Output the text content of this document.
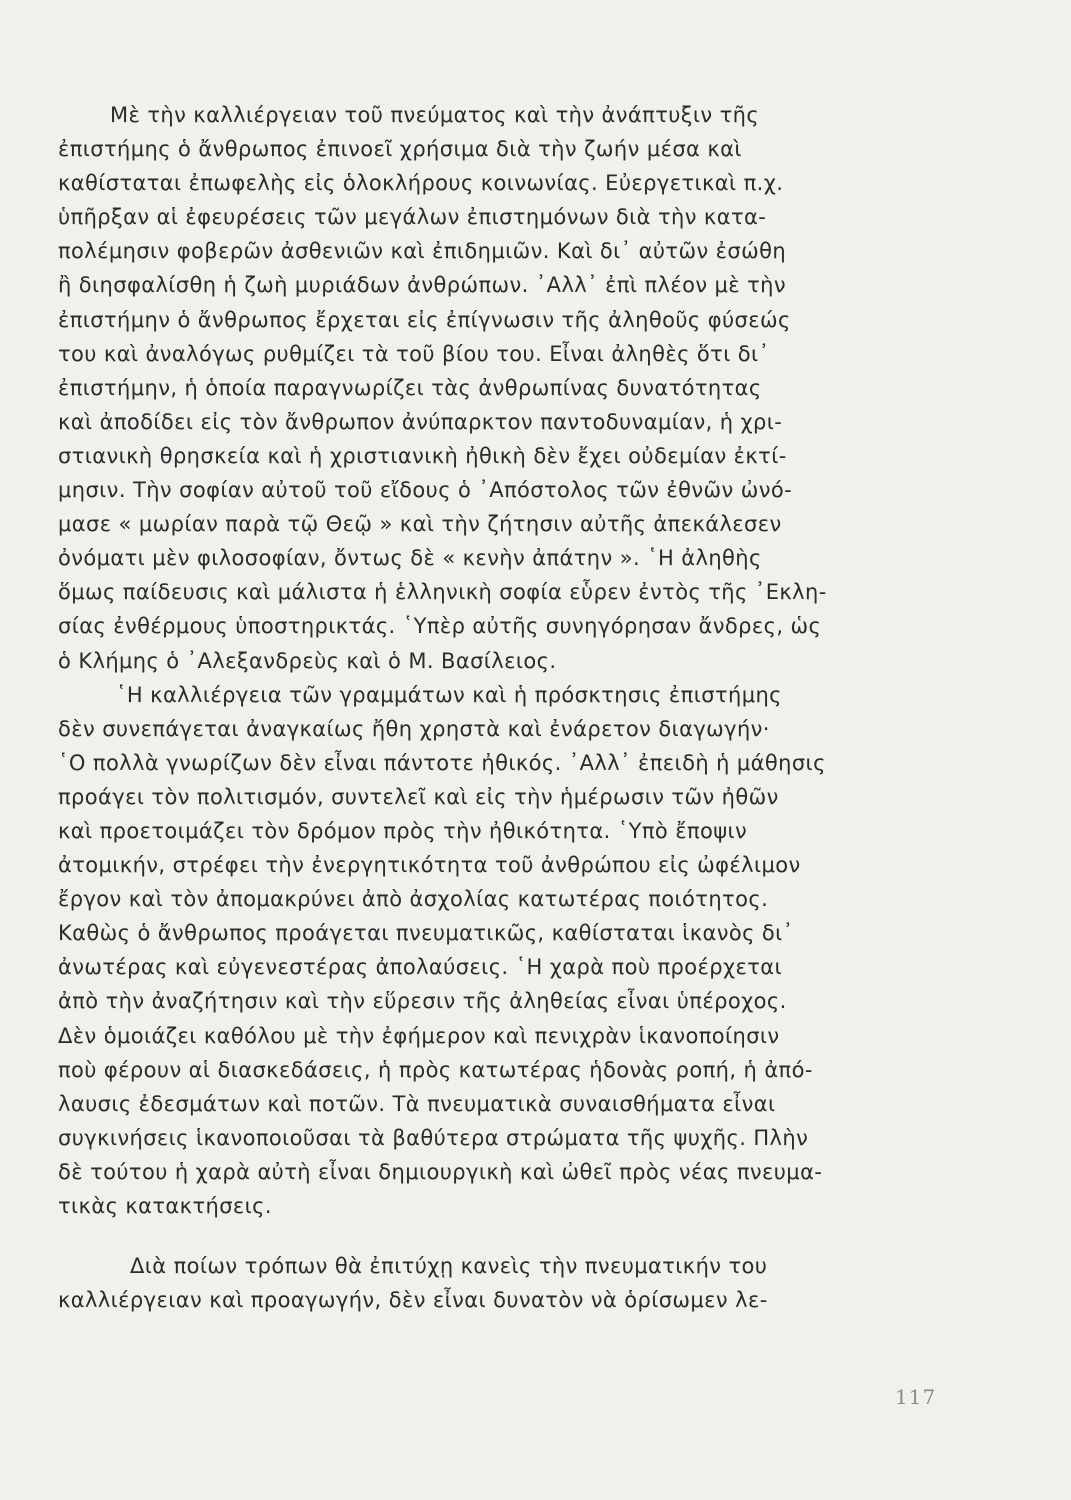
Μὲ τὴν καλλιέργειαν τοῦ πνεύματος καὶ τὴν ἀνάπτυξιν τῆς
ἐπιστήμης ὁ ἄνθρωπος ἐπινοεῖ χρήσιμα διὰ τὴν ζωήν μέσα καὶ
καθίσταται ἐπωφελὴς εἰς ὁλοκλήρους κοινωνίας. Εὐεργετικαὶ π.χ.
ὑπῆρξαν αἱ ἐφευρέσεις τῶν μεγάλων ἐπιστημόνων διὰ τὴν κατα-
πολέμησιν φοβερῶν ἀσθενιῶν καὶ ἐπιδημιῶν. Καὶ δι᾽ αὐτῶν ἐσώθη
ἢ διησφαλίσθη ἡ ζωὴ μυριάδων ἀνθρώπων. ᾿Αλλ᾽ ἐπὶ πλέον μὲ τὴν
ἐπιστήμην ὁ ἄνθρωπος ἔρχεται εἰς ἐπίγνωσιν τῆς ἀληθοῦς φύσεώς
του καὶ ἀναλόγως ρυθμίζει τὰ τοῦ βίου του. Εἶναι ἀληθὲς ὅτι δι᾽
ἐπιστήμην, ἡ ὁποία παραγνωρίζει τὰς ἀνθρωπίνας δυνατότητας
καὶ ἀποδίδει εἰς τὸν ἄνθρωπον ἀνύπαρκτον παντοδυναμίαν, ἡ χρι-
στιανικὴ θρησκεία καὶ ἡ χριστιανικὴ ἠθικὴ δὲν ἔχει οὐδεμίαν ἐκτί-
μησιν. Τὴν σοφίαν αὐτοῦ τοῦ εἴδους ὁ ᾿Απόστολος τῶν ἐθνῶν ὠνό-
μασε « μωρίαν παρὰ τῷ Θεῷ » καὶ τὴν ζήτησιν αὐτῆς ἀπεκάλεσεν
ὀνόματι μὲν φιλοσοφίαν, ὄντως δὲ « κενὴν ἀπάτην ». ῾Η ἀληθὴς
ὅμως παίδευσις καὶ μάλιστα ἡ ἑλληνικὴ σοφία εὗρεν ἐντὸς τῆς ᾿Εκλη-
σίας ἐνθέρμους ὑποστηρικτάς. ῾Υπὲρ αὐτῆς συνηγόρησαν ἄνδρες, ὡς
ὁ Κλήμης ὁ ᾿Αλεξανδρεὺς καὶ ὁ Μ. Βασίλειος.
῾Η καλλιέργεια τῶν γραμμάτων καὶ ἡ πρόσκτησις ἐπιστήμης
δὲν συνεπάγεται ἀναγκαίως ἤθη χρηστὰ καὶ ἐνάρετον διαγωγήν·
῾Ο πολλὰ γνωρίζων δὲν εἶναι πάντοτε ἠθικός. ᾿Αλλ᾽ ἐπειδὴ ἡ μάθησις
προάγει τὸν πολιτισμόν, συντελεῖ καὶ εἰς τὴν ἡμέρωσιν τῶν ἠθῶν
καὶ προετοιμάζει τὸν δρόμον πρὸς τὴν ἠθικότητα. ῾Υπὸ ἔποψιν
ἀτομικήν, στρέφει τὴν ἐνεργητικότητα τοῦ ἀνθρώπου εἰς ὠφέλιμον
ἔργον καὶ τὸν ἀπομακρύνει ἀπὸ ἀσχολίας κατωτέρας ποιότητος.
Καθὼς ὁ ἄνθρωπος προάγεται πνευματικῶς, καθίσταται ἱκανὸς δι᾽
ἀνωτέρας καὶ εὐγενεστέρας ἀπολαύσεις. ῾Η χαρὰ ποὺ προέρχεται
ἀπὸ τὴν ἀναζήτησιν καὶ τὴν εὕρεσιν τῆς ἀληθείας εἶναι ὑπέροχος.
Δὲν ὁμοιάζει καθόλου μὲ τὴν ἐφήμερον καὶ πενιχρὰν ἱκανοποίησιν
ποὺ φέρουν αἱ διασκεδάσεις, ἡ πρὸς κατωτέρας ἡδονὰς ροπή, ἡ ἀπό-
λαυσις ἐδεσμάτων καὶ ποτῶν. Τὰ πνευματικὰ συναισθήματα εἶναι
συγκινήσεις ἱκανοποιοῦσαι τὰ βαθύτερα στρώματα τῆς ψυχῆς. Πλὴν
δὲ τούτου ἡ χαρὰ αὐτὴ εἶναι δημιουργικὴ καὶ ὠθεῖ πρὸς νέας πνευμα-
τικὰς κατακτήσεις.
Διὰ ποίων τρόπων θὰ ἐπιτύχῃ κανεὶς τὴν πνευματικήν του
καλλιέργειαν καὶ προαγωγήν, δὲν εἶναι δυνατὸν νὰ ὁρίσωμεν λε-
117
